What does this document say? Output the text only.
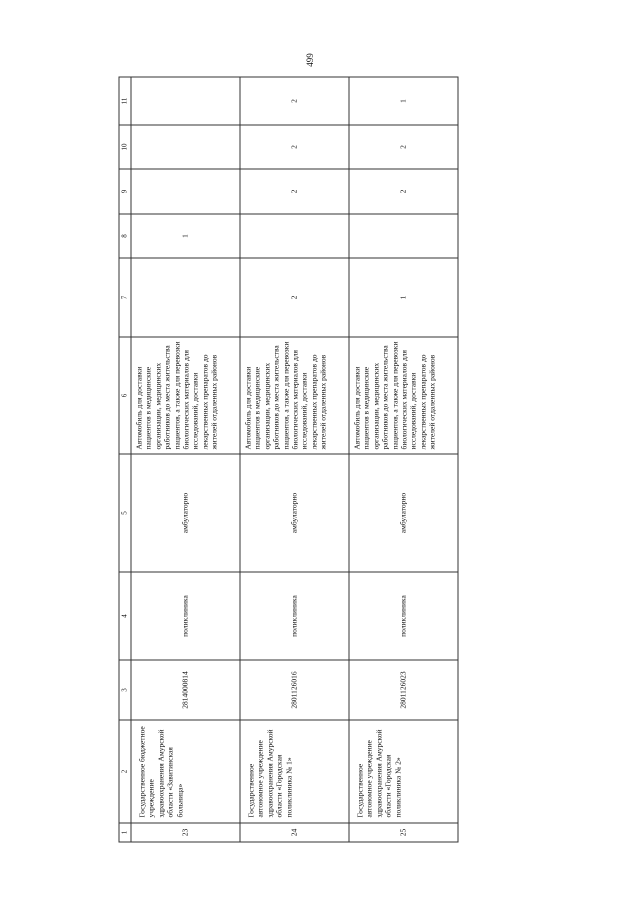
499
1	2	3	4	5	6	7	8	9	10	11
23	Государственное бюджетное учреждение здравоохранения Амурской области «Завитинская больница»	2814000814	поликлиника	амбулаторно	Автомобиль для доставки пациентов в медицинские организации, медицинских работников до места жительства пациентов, а также для перевозки биологических материалов для исследований, доставки лекарственных препаратов до жителей отдаленных районов		1			
24	Государственное автономное учреждение здравоохранения Амурской области «Городская поликлиника № 1»	2801126016	поликлиника	амбулаторно	Автомобиль для доставки пациентов в медицинские организации, медицинских работников до места жительства пациентов, а также для перевозки биологических материалов для исследований, доставки лекарственных препаратов до жителей отдаленных районов	2		2	2	2
25	Государственное автономное учреждение здравоохранения Амурской области «Городская поликлиника № 2»	2801126023	поликлиника	амбулаторно	Автомобиль для доставки пациентов в медицинские организации, медицинских работников до места жительства пациентов, а также для перевозки биологических материалов для исследований, доставки лекарственных препаратов до жителей отдаленных районов	1		2	2	1
